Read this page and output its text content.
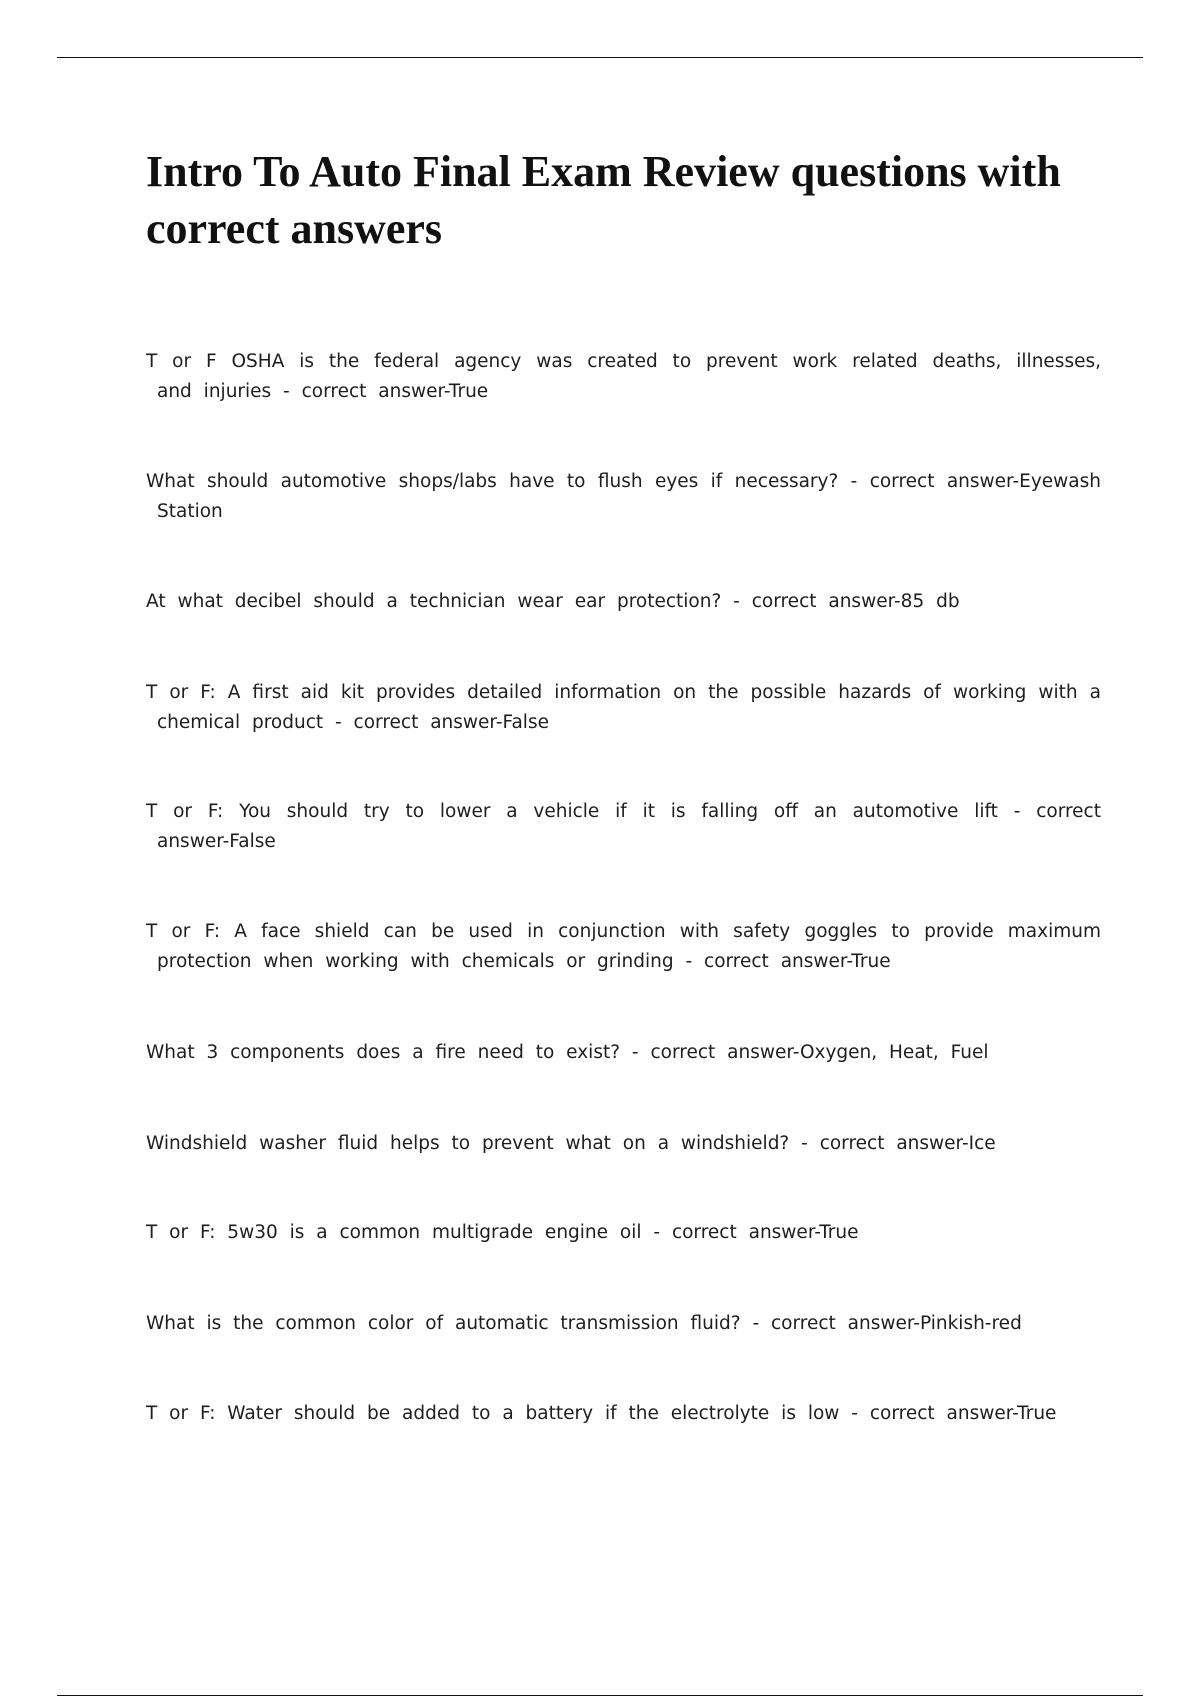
Intro To Auto Final Exam Review questions with correct answers

T or F OSHA is the federal agency was created to prevent work related deaths, illnesses, and injuries - correct answer-True

What should automotive shops/labs have to flush eyes if necessary? - correct answer-Eyewash Station

At what decibel should a technician wear ear protection? - correct answer-85 db

T or F: A first aid kit provides detailed information on the possible hazards of working with a chemical product - correct answer-False

T or F: You should try to lower a vehicle if it is falling off an automotive lift - correct answer-False

T or F: A face shield can be used in conjunction with safety goggles to provide maximum protection when working with chemicals or grinding - correct answer-True

What 3 components does a fire need to exist? - correct answer-Oxygen, Heat, Fuel

Windshield washer fluid helps to prevent what on a windshield? - correct answer-Ice

T or F: 5w30 is a common multigrade engine oil - correct answer-True

What is the common color of automatic transmission fluid? - correct answer-Pinkish-red

T or F: Water should be added to a battery if the electrolyte is low - correct answer-True
